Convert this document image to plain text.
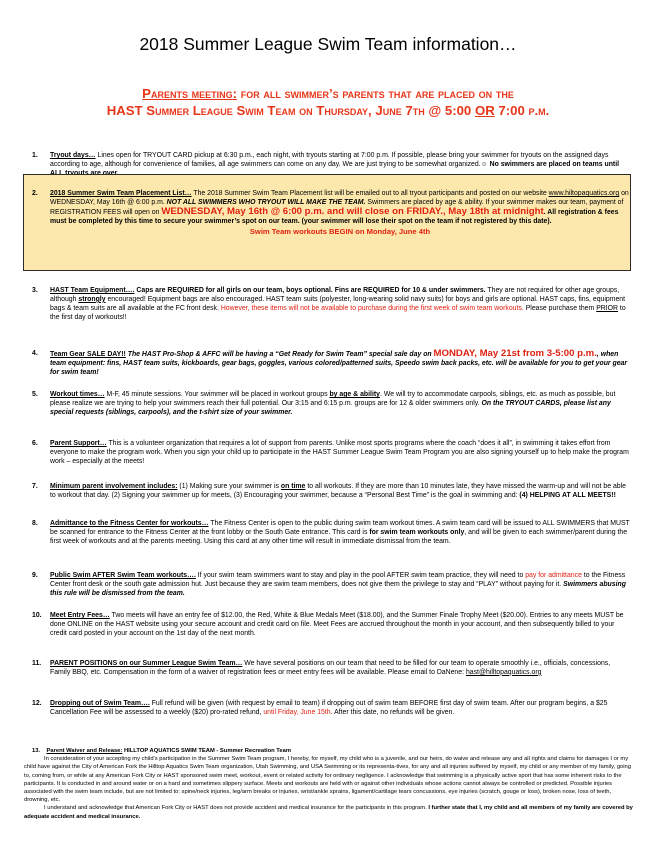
2018 Summer League Swim Team information…
Parents meeting: for all swimmer’s parents that are placed on the
HAST Summer League Swim Team on Thursday, June 7th @ 5:00 OR 7:00 p.m.
1. Tryout days… Lines open for TRYOUT CARD pickup at 6:30 p.m., each night, with tryouts starting at 7:00 p.m. If possible, please bring your swimmer for tryouts on the assigned days according to age, although for convenience of families, all age swimmers can come on any day. We are just trying to be somewhat organized.☺ No swimmers are placed on teams until
2. 2018 Summer Swim Team Placement List… The 2018 Summer Swim Team Placement list will be emailed out to all tryout participants and posted on our website www.hiltopaquatics.org on WEDNESDAY, May 16th @ 6:00 p.m. NOT ALL SWIMMERS WHO TRYOUT WILL MAKE THE TEAM. Swimmers are placed by age & ability. If your swimmer makes our team, payment of REGISTRATION FEES will open on WEDNESDAY, May 16th @ 6:00 p.m. and will close on FRIDAY., May 18th at midnight. All registration & fees must be completed by this time to secure your swimmer’s spot on our team. (your swimmer will lose their spot on the team if not registered by this date).
Swim Team workouts BEGIN on Monday, June 4th
3. HAST Team Equipment…. Caps are REQUIRED for all girls on our team, boys optional. Fins are REQUIRED for 10 & under swimmers. They are not required for other age groups, although strongly encouraged! Equipment bags are also encouraged. HAST team suits (polyester, long-wearing solid navy suits) for boys and girls are optional. HAST caps, fins, equipment bags & team suits are all available at the FC front desk. However, these items will not be available to purchase during the first week of swim team workouts. Please purchase them PRIOR to the first day of workouts!!
4. Team Gear SALE DAY!! The HAST Pro-Shop & AFFC will be having a “Get Ready for Swim Team” special sale day on MONDAY, May 21st from 3-5:00 p.m., when team equipment: fins, HAST team suits, kickboards, gear bags, goggles, various colored/patterned suits, Speedo swim back packs, etc. will be available for you to get your gear for swim team!
5. Workout times… M-F, 45 minute sessions. Your swimmer will be placed in workout groups by age & ability. We will try to accommodate carpools, siblings, etc. as much as possible, but please realize we are trying to help your swimmers reach their full potential. Our 3:15 and 6:15 p.m. groups are for 12 & older swimmers only. On the TRYOUT CARDS, please list any special requests (siblings, carpools), and the t-shirt size of your swimmer.
6. Parent Support… This is a volunteer organization that requires a lot of support from parents. Unlike most sports programs where the coach “does it all”, in swimming it takes effort from everyone to make the program work. When you sign your child up to participate in the HAST Summer League Swim Team Program you are also signing yourself up to help make the program work – especially at the meets!
7. Minimum parent involvement includes: (1) Making sure your swimmer is on time to all workouts. If they are more than 10 minutes late, they have missed the warm-up and will not be able to workout that day. (2) Signing your swimmer up for meets, (3) Encouraging your swimmer, because a “Personal Best Time” is the goal in swimming and: (4) HELPING AT ALL MEETS!!
8. Admittance to the Fitness Center for workouts… The Fitness Center is open to the public during swim team workout times. A swim team card will be issued to ALL SWIMMERS that MUST be scanned for entrance to the Fitness Center at the front lobby or the South Gate entrance. This card is for swim team workouts only, and will be given to each swimmer/parent during the first week of workouts and at the parents meeting. Using this card at any other time will result in immediate dismissal from the team.
9. Public Swim AFTER Swim Team workouts…. If your swim team swimmers want to stay and play in the pool AFTER swim team practice, they will need to pay for admittance to the Fitness Center front desk or the south gate admission hut. Just because they are swim team members, does not give them the privilege to stay and “PLAY” without paying for it. Swimmers abusing this rule will be dismissed from the team.
10. Meet Entry Fees… Two meets will have an entry fee of $12.00, the Red, White & Blue Medals Meet ($18.00), and the Summer Finale Trophy Meet ($20.00). Entries to any meets MUST be done ONLINE on the HAST website using your secure account and credit card on file. Meet Fees are accrued throughout the month in your account, and then subsequently billed to your credit card posted in your account on the 1st day of the next month.
11. PARENT POSITIONS on our Summer League Swim Team… We have several positions on our team that need to be filled for our team to operate smoothly i.e., officials, concessions, Family BBQ, etc. Compensation in the form of a waiver of registration fees or meet entry fees will be available. Please email to DaNene: hast@hilltopaquatics.org
12. Dropping out of Swim Team…. Full refund will be given (with request by email to team) if dropping out of swim team BEFORE first day of swim team. After our program begins, a $25 Cancellation Fee will be assessed to a weekly ($20) pro-rated refund, until Friday, June 15th. After this date, no refunds will be given.
13. Parent Waiver and Release: HILLTOP AQUATICS SWIM TEAM - Summer Recreation Team
In consideration of your accepting my child’s participation in the Summer Swim Team program, I hereby, for myself, my child who is a juvenile, and our heirs, do waive and release any and all rights and claims for damages I or my child have against the City of American Fork the Hilltop Aquatics Swim Team organization, Utah Swimming, and USA Swimming or its representa-tives, for any and all injuries suffered by myself, my child or any member of my family, going to, coming from, or while at any American Fork City or HAST sponsored swim meet, workout, event or related activity for ordinary negligence. I acknowledge that swimming is a physically active sport that has some inherent risks to the participants. It is conducted in and around water or on a hard and sometimes slippery surface. Meets and workouts are held with or against other individuals whose actions cannot always be controlled or predicted. Possible injuries associated with the swim team include, but are not limited to: spine/neck injuries, leg/arm breaks or injuries, wrist/ankle sprains, ligament/cartilage tears concussions, eye injuries (scratch, gouge or loss), broken nose, loss of teeth, drowning, etc.
I understand and acknowledge that American Fork City or HAST does not provide accident and medical insurance for the participants in this program. I further state that I, my child and all members of my family are covered by adequate accident and medical insurance.
